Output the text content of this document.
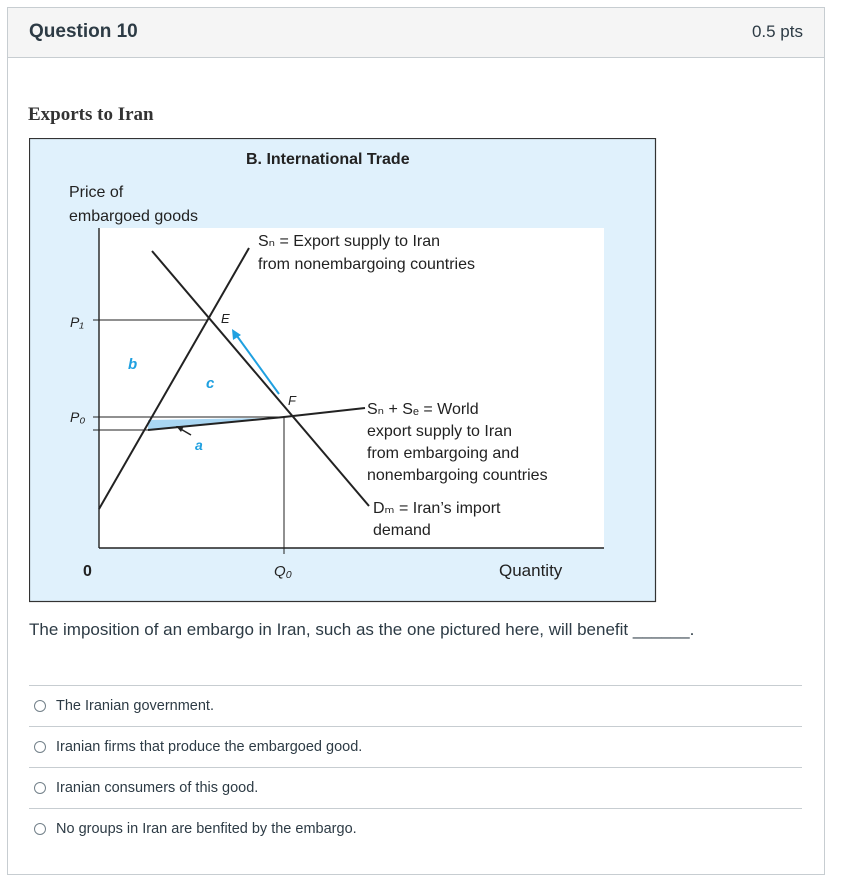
Question 10	0.5 pts
Exports to Iran
B. International Trade
Price of
embargoed goods
E
F
a
b
c
P₁
P₀
0	Q₀	Quantity
Sₙ = Export supply to Iran
from nonembargoing countries
Sₙ + Sₑ = World
export supply to Iran
from embargoing and
nonembargoing countries
Dₘ = Iran’s import
demand
The imposition of an embargo in Iran, such as the one pictured here, will benefit ______.
The Iranian government.
Iranian firms that produce the embargoed good.
Iranian consumers of this good.
No groups in Iran are benfited by the embargo.
